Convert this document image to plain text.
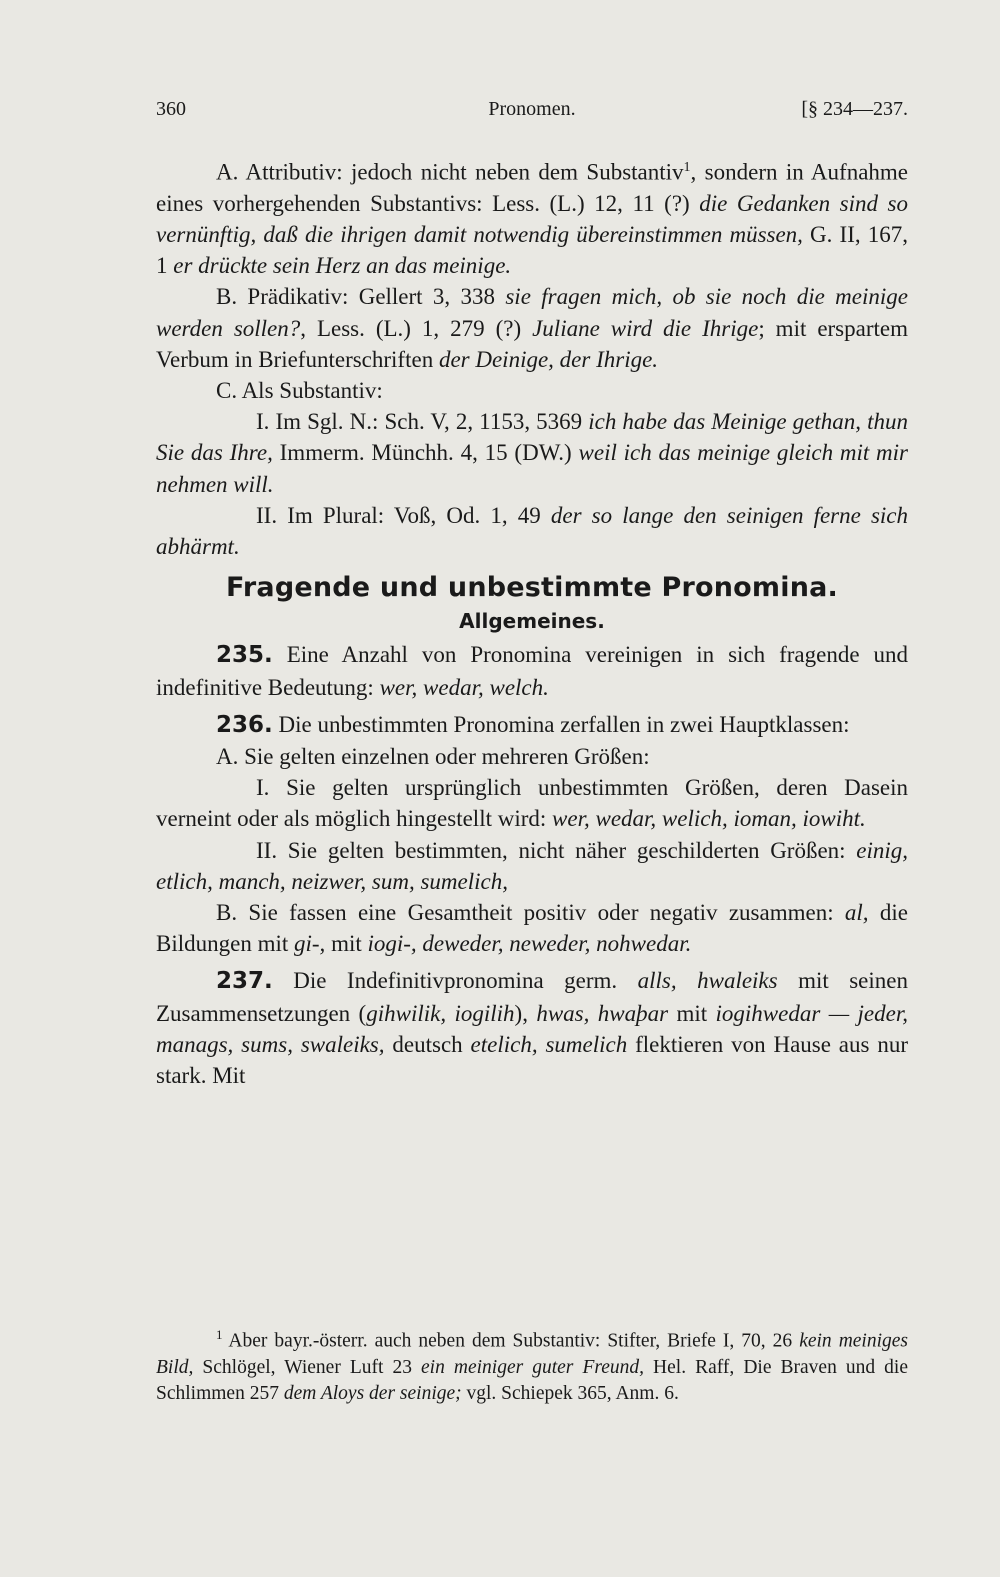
360	Pronomen.	[§ 234—237.

A. Attributiv: jedoch nicht neben dem Substantiv$^1$, sondern in Aufnahme eines vorhergehenden Substantivs: Less. (L.) 12, 11 (?) die Gedanken sind so vernünftig, daß die ihrigen damit notwendig übereinstimmen müssen, G. II, 167, 1 er drückte sein Herz an das meinige.

B. Prädikativ: Gellert 3, 338 sie fragen mich, ob sie noch die meinige werden sollen?, Less. (L.) 1, 279 (?) Juliane wird die Ihrige; mit erspartem Verbum in Briefunterschriften der Deinige, der Ihrige.

C. Als Substantiv:

I. Im Sgl. N.: Sch. V, 2, 1153, 5369 ich habe das Meinige gethan, thun Sie das Ihre, Immerm. Münchh. 4, 15 (DW.) weil ich das meinige gleich mit mir nehmen will.

II. Im Plural: Voß, Od. 1, 49 der so lange den seinigen ferne sich abhärmt.

Fragende und unbestimmte Pronomina.
Allgemeines.

235. Eine Anzahl von Pronomina vereinigen in sich fragende und indefinitive Bedeutung: wer, wedar, welch.

236. Die unbestimmten Pronomina zerfallen in zwei Hauptklassen:

A. Sie gelten einzelnen oder mehreren Größen:

I. Sie gelten ursprünglich unbestimmten Größen, deren Dasein verneint oder als möglich hingestellt wird: wer, wedar, welich, ioman, iowiht.

II. Sie gelten bestimmten, nicht näher geschilderten Größen: einig, etlich, manch, neizwer, sum, sumelich,

B. Sie fassen eine Gesamtheit positiv oder negativ zusammen: al, die Bildungen mit gi-, mit iogi-, deweder, neweder, nohwedar.

237. Die Indefinitivpronomina germ. alls, hwaleiks mit seinen Zusammensetzungen (gihwilik, iogilih), hwas, hwaþar mit iogihwedar — jeder, manags, sums, swaleiks, deutsch etelich, sumelich flektieren von Hause aus nur stark. Mit

$^1$ Aber bayr.-österr. auch neben dem Substantiv: Stifter, Briefe I, 70, 26 kein meiniges Bild, Schlögel, Wiener Luft 23 ein meiniger guter Freund, Hel. Raff, Die Braven und die Schlimmen 257 dem Aloys der seinige; vgl. Schiepek 365, Anm. 6.
